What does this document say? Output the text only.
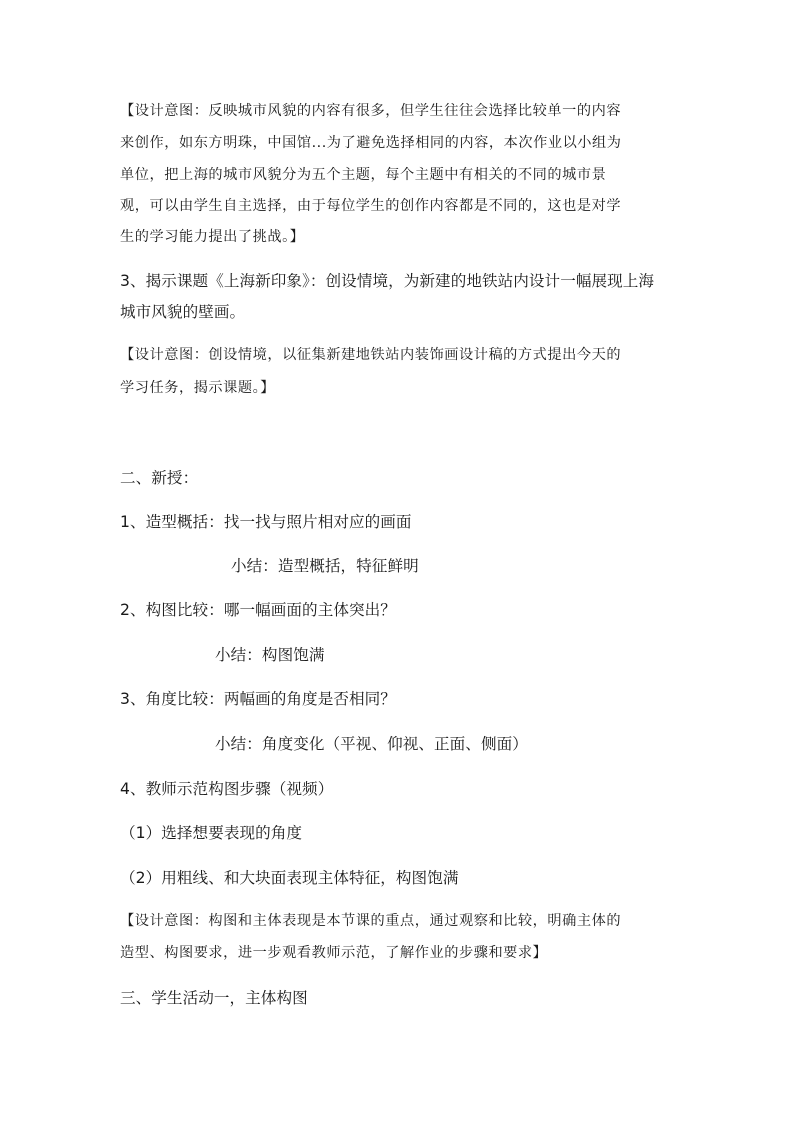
【设计意图：反映城市风貌的内容有很多，但学生往往会选择比较单一的内容
来创作，如东方明珠，中国馆...为了避免选择相同的内容，本次作业以小组为
单位，把上海的城市风貌分为五个主题，每个主题中有相关的不同的城市景
观，可以由学生自主选择，由于每位学生的创作内容都是不同的，这也是对学
生的学习能力提出了挑战。】
3、揭示课题《上海新印象》：创设情境，为新建的地铁站内设计一幅展现上海
城市风貌的壁画。
【设计意图：创设情境，以征集新建地铁站内装饰画设计稿的方式提出今天的
学习任务，揭示课题。】
二、新授：
1、造型概括：找一找与照片相对应的画面
小结：造型概括，特征鲜明
2、构图比较：哪一幅画面的主体突出？
小结：构图饱满
3、角度比较：两幅画的角度是否相同？
小结：角度变化（平视、仰视、正面、侧面）
4、教师示范构图步骤（视频）
（1）选择想要表现的角度
（2）用粗线、和大块面表现主体特征，构图饱满
【设计意图：构图和主体表现是本节课的重点，通过观察和比较，明确主体的
造型、构图要求，进一步观看教师示范，了解作业的步骤和要求】
三、学生活动一，主体构图
